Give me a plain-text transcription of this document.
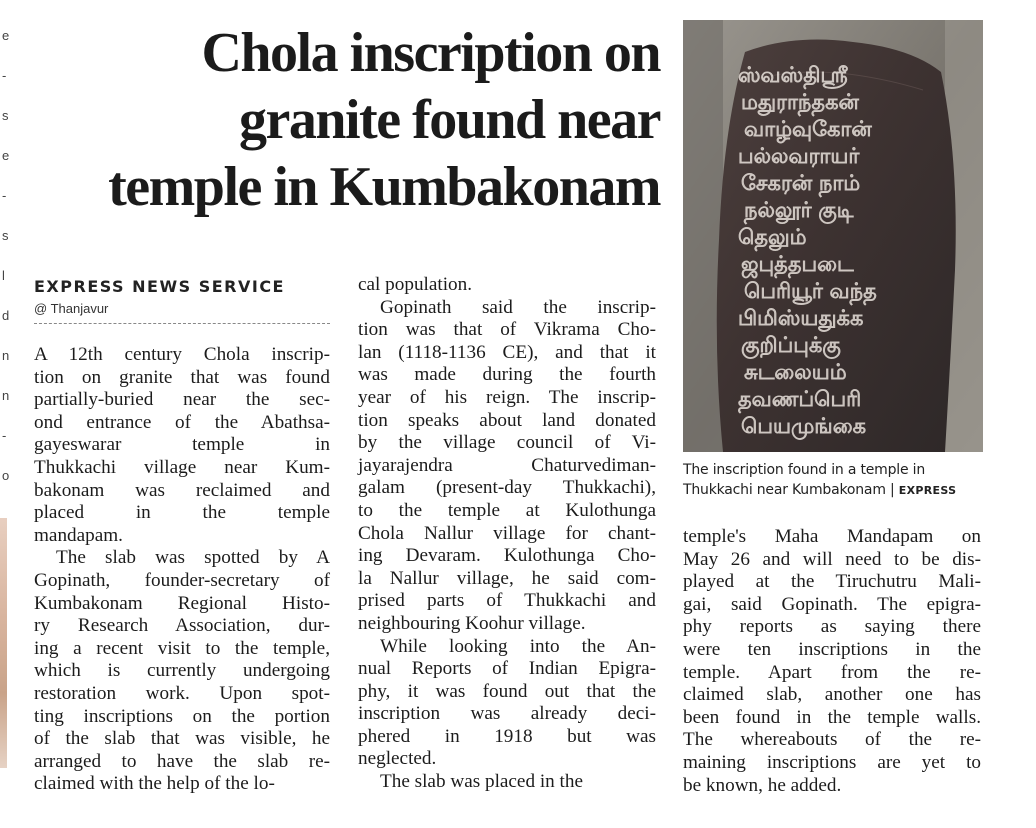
e
-
s
e
-
s
l
d
n
n
-
o
Chola inscription on
granite found near
temple in Kumbakonam
EXPRESS NEWS SERVICE
@ Thanjavur
A 12th century Chola inscrip-
tion on granite that was found
partially-buried near the sec-
ond entrance of the Abathsa-
gayeswarar temple in
Thukkachi village near Kum-
bakonam was reclaimed and
placed in the temple
mandapam.
The slab was spotted by A
Gopinath, founder-secretary of
Kumbakonam Regional Histo-
ry Research Association, dur-
ing a recent visit to the temple,
which is currently undergoing
restoration work. Upon spot-
ting inscriptions on the portion
of the slab that was visible, he
arranged to have the slab re-
claimed with the help of the lo-
cal population.
Gopinath said the inscrip-
tion was that of Vikrama Cho-
lan (1118-1136 CE), and that it
was made during the fourth
year of his reign. The inscrip-
tion speaks about land donated
by the village council of Vi-
jayarajendra Chaturvediman-
galam (present-day Thukkachi),
to the temple at Kulothunga
Chola Nallur village for chant-
ing Devaram. Kulothunga Cho-
la Nallur village, he said com-
prised parts of Thukkachi and
neighbouring Koohur village.
While looking into the An-
nual Reports of Indian Epigra-
phy, it was found out that the
inscription was already deci-
phered in 1918 but was
neglected.
The slab was placed in the
temple's Maha Mandapam on
May 26 and will need to be dis-
played at the Tiruchutru Mali-
gai, said Gopinath. The epigra-
phy reports as saying there
were ten inscriptions in the
temple. Apart from the re-
claimed slab, another one has
been found in the temple walls.
The whereabouts of the re-
maining inscriptions are yet to
be known, he added.
ஸ்வஸ்திஸ்ரீ
மதுராந்தகன்
வாழ்வுகோன்
பல்லவராயர்
சேகரன் நாம்
நல்லூர் குடி
தெலும்
ஜபுத்தபடை
பெரியூர் வந்த
பிமிஸ்யதுக்க
குறிப்புக்கு
சுடலையம்
தவணப்பெரி
பெயமுங்கை
The inscription found in a temple in
Thukkachi near Kumbakonam | EXPRESS
